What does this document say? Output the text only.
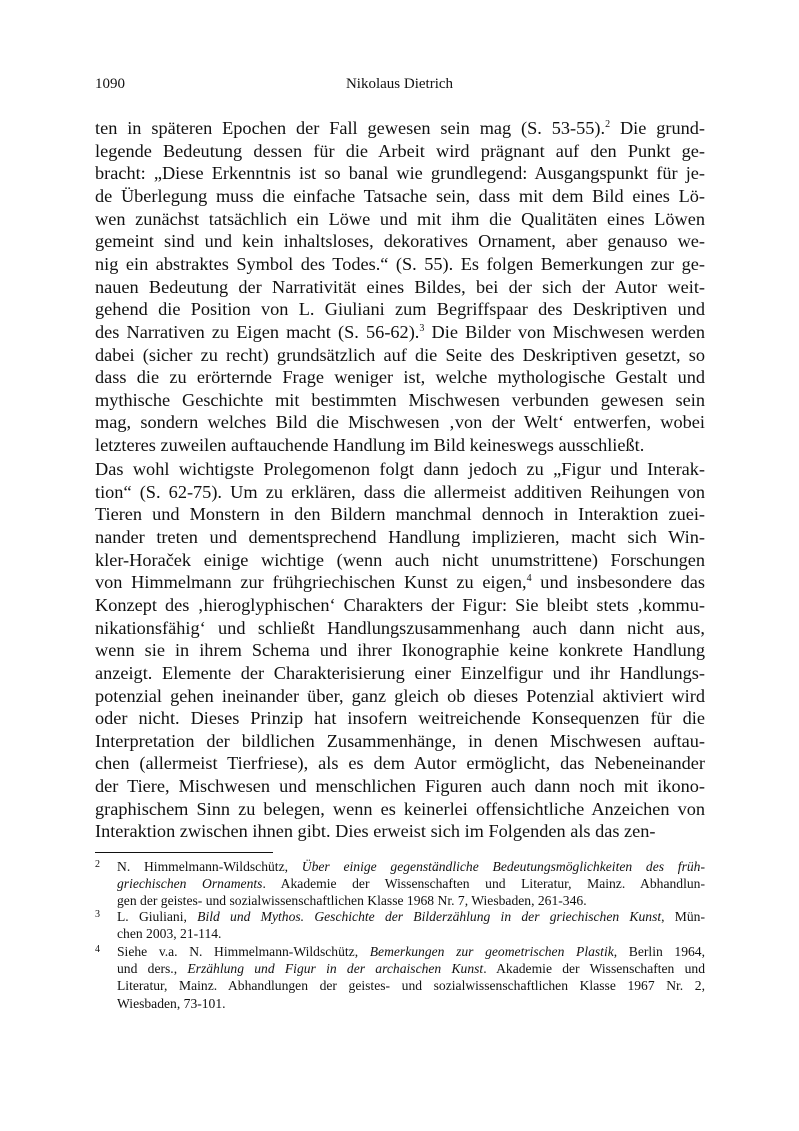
1090	Nikolaus Dietrich
ten in späteren Epochen der Fall gewesen sein mag (S. 53-55).$^2$ Die grund-
legende Bedeutung dessen für die Arbeit wird prägnant auf den Punkt ge-
bracht: „Diese Erkenntnis ist so banal wie grundlegend: Ausgangspunkt für je-
de Überlegung muss die einfache Tatsache sein, dass mit dem Bild eines Lö-
wen zunächst tatsächlich ein Löwe und mit ihm die Qualitäten eines Löwen
gemeint sind und kein inhaltsloses, dekoratives Ornament, aber genauso we-
nig ein abstraktes Symbol des Todes.“ (S. 55). Es folgen Bemerkungen zur ge-
nauen Bedeutung der Narrativität eines Bildes, bei der sich der Autor weit-
gehend die Position von L. Giuliani zum Begriffspaar des Deskriptiven und
des Narrativen zu Eigen macht (S. 56-62).$^3$ Die Bilder von Mischwesen werden
dabei (sicher zu recht) grundsätzlich auf die Seite des Deskriptiven gesetzt, so
dass die zu erörternde Frage weniger ist, welche mythologische Gestalt und
mythische Geschichte mit bestimmten Mischwesen verbunden gewesen sein
mag, sondern welches Bild die Mischwesen ‚von der Welt‘ entwerfen, wobei
letzteres zuweilen auftauchende Handlung im Bild keineswegs ausschließt.
Das wohl wichtigste Prolegomenon folgt dann jedoch zu „Figur und Interak-
tion“ (S. 62-75). Um zu erklären, dass die allermeist additiven Reihungen von
Tieren und Monstern in den Bildern manchmal dennoch in Interaktion zuei-
nander treten und dementsprechend Handlung implizieren, macht sich Win-
kler-Horaček einige wichtige (wenn auch nicht unumstrittene) Forschungen
von Himmelmann zur frühgriechischen Kunst zu eigen,$^4$ und insbesondere das
Konzept des ‚hieroglyphischen‘ Charakters der Figur: Sie bleibt stets ‚kommu-
nikationsfähig‘ und schließt Handlungszusammenhang auch dann nicht aus,
wenn sie in ihrem Schema und ihrer Ikonographie keine konkrete Handlung
anzeigt. Elemente der Charakterisierung einer Einzelfigur und ihr Handlungs-
potenzial gehen ineinander über, ganz gleich ob dieses Potenzial aktiviert wird
oder nicht. Dieses Prinzip hat insofern weitreichende Konsequenzen für die
Interpretation der bildlichen Zusammenhänge, in denen Mischwesen auftau-
chen (allermeist Tierfriese), als es dem Autor ermöglicht, das Nebeneinander
der Tiere, Mischwesen und menschlichen Figuren auch dann noch mit ikono-
graphischem Sinn zu belegen, wenn es keinerlei offensichtliche Anzeichen von
Interaktion zwischen ihnen gibt. Dies erweist sich im Folgenden als das zen-
2 N. Himmelmann-Wildschütz, Über einige gegenständliche Bedeutungsmöglichkeiten des früh-
griechischen Ornaments. Akademie der Wissenschaften und Literatur, Mainz. Abhandlun-
gen der geistes- und sozialwissenschaftlichen Klasse 1968 Nr. 7, Wiesbaden, 261-346.
3 L. Giuliani, Bild und Mythos. Geschichte der Bilderzählung in der griechischen Kunst, Mün-
chen 2003, 21-114.
4 Siehe v.a. N. Himmelmann-Wildschütz, Bemerkungen zur geometrischen Plastik, Berlin 1964,
und ders., Erzählung und Figur in der archaischen Kunst. Akademie der Wissenschaften und
Literatur, Mainz. Abhandlungen der geistes- und sozialwissenschaftlichen Klasse 1967 Nr. 2,
Wiesbaden, 73-101.
